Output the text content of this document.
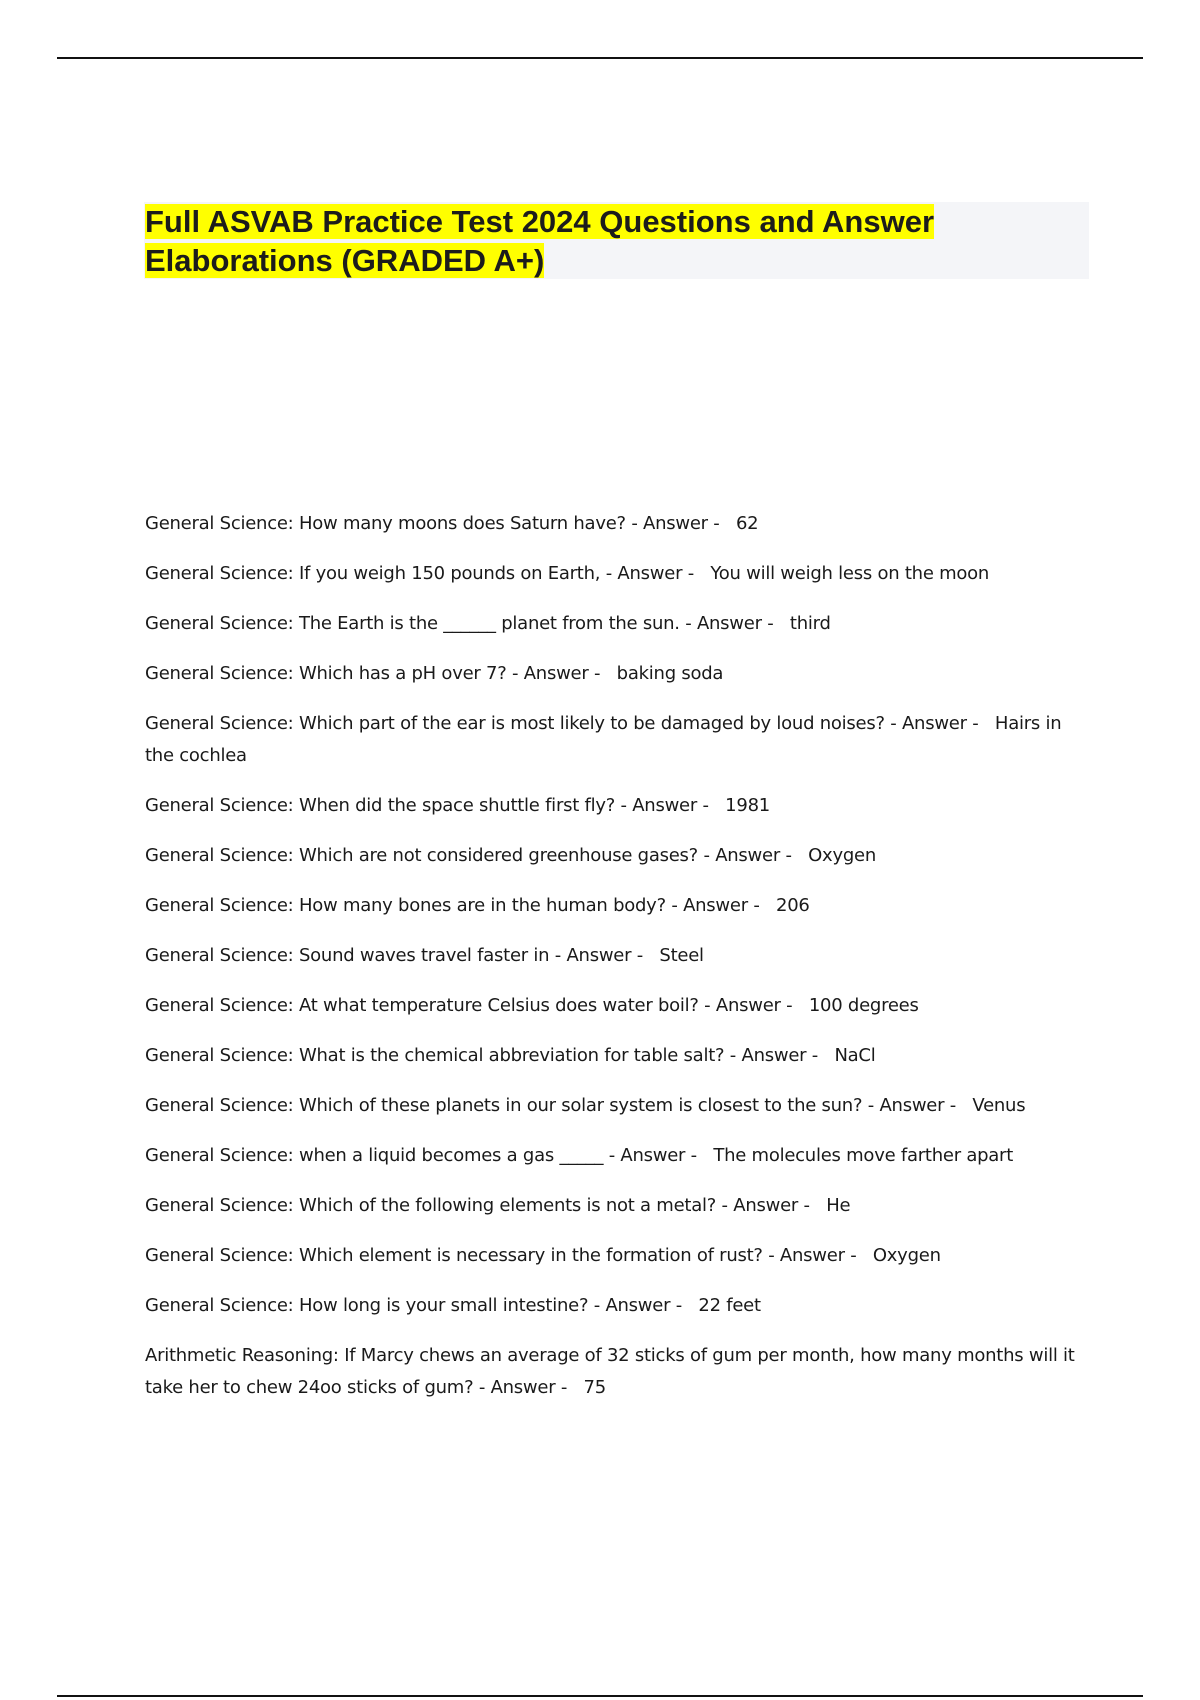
Full ASVAB Practice Test 2024 Questions and Answer Elaborations (GRADED A+)
General Science: How many moons does Saturn have? - Answer -   62
General Science: If you weigh 150 pounds on Earth, - Answer -   You will weigh less on the moon
General Science: The Earth is the ______ planet from the sun. - Answer -   third
General Science: Which has a pH over 7? - Answer -   baking soda
General Science: Which part of the ear is most likely to be damaged by loud noises? - Answer -   Hairs in the cochlea
General Science: When did the space shuttle first fly? - Answer -   1981
General Science: Which are not considered greenhouse gases? - Answer -   Oxygen
General Science: How many bones are in the human body? - Answer -   206
General Science: Sound waves travel faster in - Answer -   Steel
General Science: At what temperature Celsius does water boil? - Answer -   100 degrees
General Science: What is the chemical abbreviation for table salt? - Answer -   NaCl
General Science: Which of these planets in our solar system is closest to the sun? - Answer -   Venus
General Science: when a liquid becomes a gas _____ - Answer -   The molecules move farther apart
General Science: Which of the following elements is not a metal? - Answer -   He
General Science: Which element is necessary in the formation of rust? - Answer -   Oxygen
General Science: How long is your small intestine? - Answer -   22 feet
Arithmetic Reasoning: If Marcy chews an average of 32 sticks of gum per month, how many months will it take her to chew 24oo sticks of gum? - Answer -   75
